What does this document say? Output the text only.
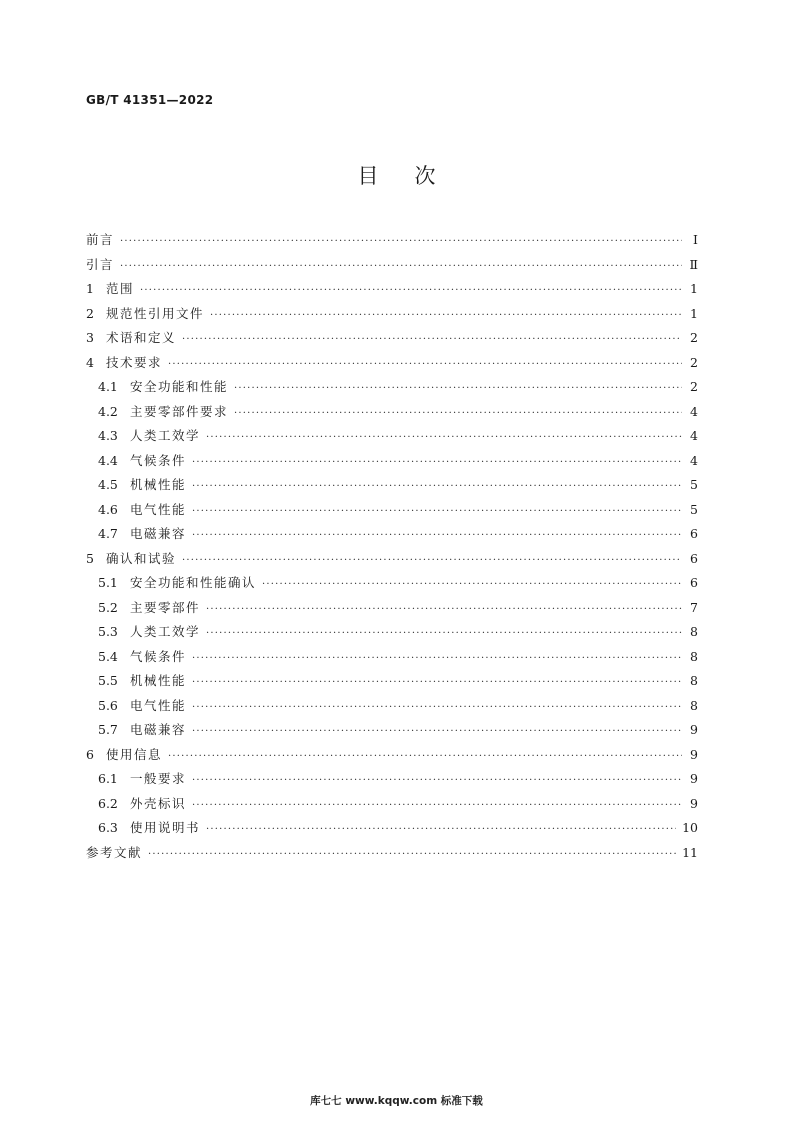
GB/T 41351—2022
目 次
前言 ·····	Ⅰ
引言 ·····	Ⅱ
1 范围 ·····	1
2 规范性引用文件 ·····	1
3 术语和定义 ·····	2
4 技术要求 ·····	2
4.1 安全功能和性能 ·····	2
4.2 主要零部件要求 ·····	4
4.3 人类工效学 ·····	4
4.4 气候条件 ·····	4
4.5 机械性能 ·····	5
4.6 电气性能 ·····	5
4.7 电磁兼容 ·····	6
5 确认和试验 ·····	6
5.1 安全功能和性能确认 ·····	6
5.2 主要零部件 ·····	7
5.3 人类工效学 ·····	8
5.4 气候条件 ·····	8
5.5 机械性能 ·····	8
5.6 电气性能 ·····	8
5.7 电磁兼容 ·····	9
6 使用信息 ·····	9
6.1 一般要求 ·····	9
6.2 外壳标识 ·····	9
6.3 使用说明书 ·····	10
参考文献 ·····	11
库七七 www.kqqw.com 标准下载
